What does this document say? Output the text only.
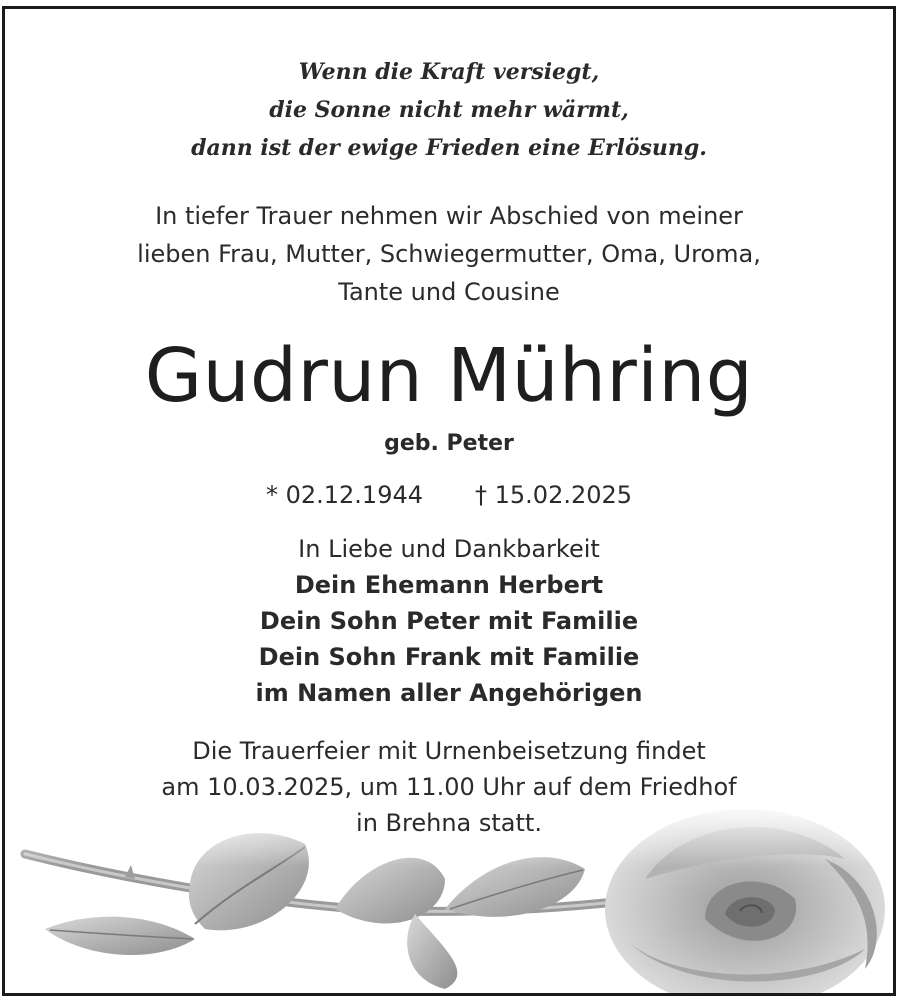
Wenn die Kraft versiegt,
die Sonne nicht mehr wärmt,
dann ist der ewige Frieden eine Erlösung.
In tiefer Trauer nehmen wir Abschied von meiner
lieben Frau, Mutter, Schwiegermutter, Oma, Uroma,
Tante und Cousine
Gudrun Mühring
geb. Peter
* 02.12.1944 † 15.02.2025
In Liebe und Dankbarkeit
Dein Ehemann Herbert
Dein Sohn Peter mit Familie
Dein Sohn Frank mit Familie
im Namen aller Angehörigen
Die Trauerfeier mit Urnenbeisetzung findet
am 10.03.2025, um 11.00 Uhr auf dem Friedhof
in Brehna statt.
